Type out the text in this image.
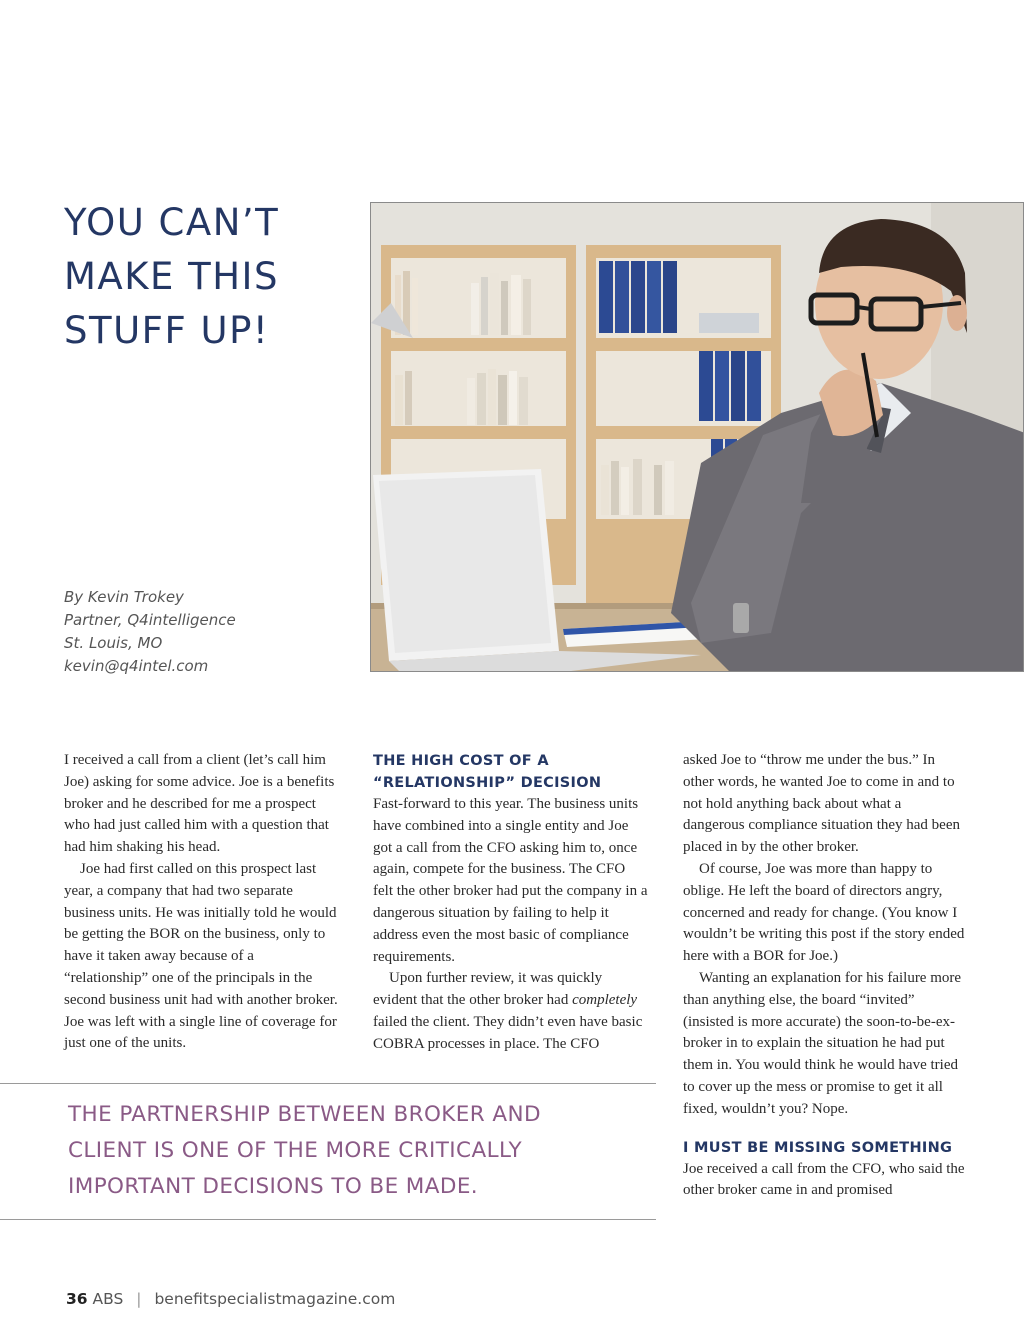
YOU CAN’T
MAKE THIS
STUFF UP!
By Kevin Trokey
Partner, Q4intelligence
St. Louis, MO
kevin@q4intel.com

I received a call from a client (let’s call him Joe) asking for some advice. Joe is a benefits broker and he described for me a prospect who had just called him with a question that had him shaking his head.

Joe had first called on this prospect last year, a company that had two separate business units. He was initially told he would be getting the BOR on the business, only to have it taken away because of a “relationship” one of the principals in the second business unit had with another broker. Joe was left with a single line of coverage for just one of the units.

THE HIGH COST OF A
“RELATIONSHIP” DECISION

Fast-forward to this year. The business units have combined into a single entity and Joe got a call from the CFO asking him to, once again, compete for the business. The CFO felt the other broker had put the company in a dangerous situation by failing to help it address even the most basic of compliance requirements.

Upon further review, it was quickly evident that the other broker had completely failed the client. They didn’t even have basic COBRA processes in place. The CFO

asked Joe to “throw me under the bus.” In other words, he wanted Joe to come in and to not hold anything back about what a dangerous compliance situation they had been placed in by the other broker.

Of course, Joe was more than happy to oblige. He left the board of directors angry, concerned and ready for change. (You know I wouldn’t be writing this post if the story ended here with a BOR for Joe.)

Wanting an explanation for his failure more than anything else, the board “invited” (insisted is more accurate) the soon-to-be-ex-broker in to explain the situation he had put them in. You would think he would have tried to cover up the mess or promise to get it all fixed, wouldn’t you? Nope.

I MUST BE MISSING SOMETHING

Joe received a call from the CFO, who said the other broker came in and promised

THE PARTNERSHIP BETWEEN BROKER AND
CLIENT IS ONE OF THE MORE CRITICALLY
IMPORTANT DECISIONS TO BE MADE.
36 ABS | benefitspecialistmagazine.com
